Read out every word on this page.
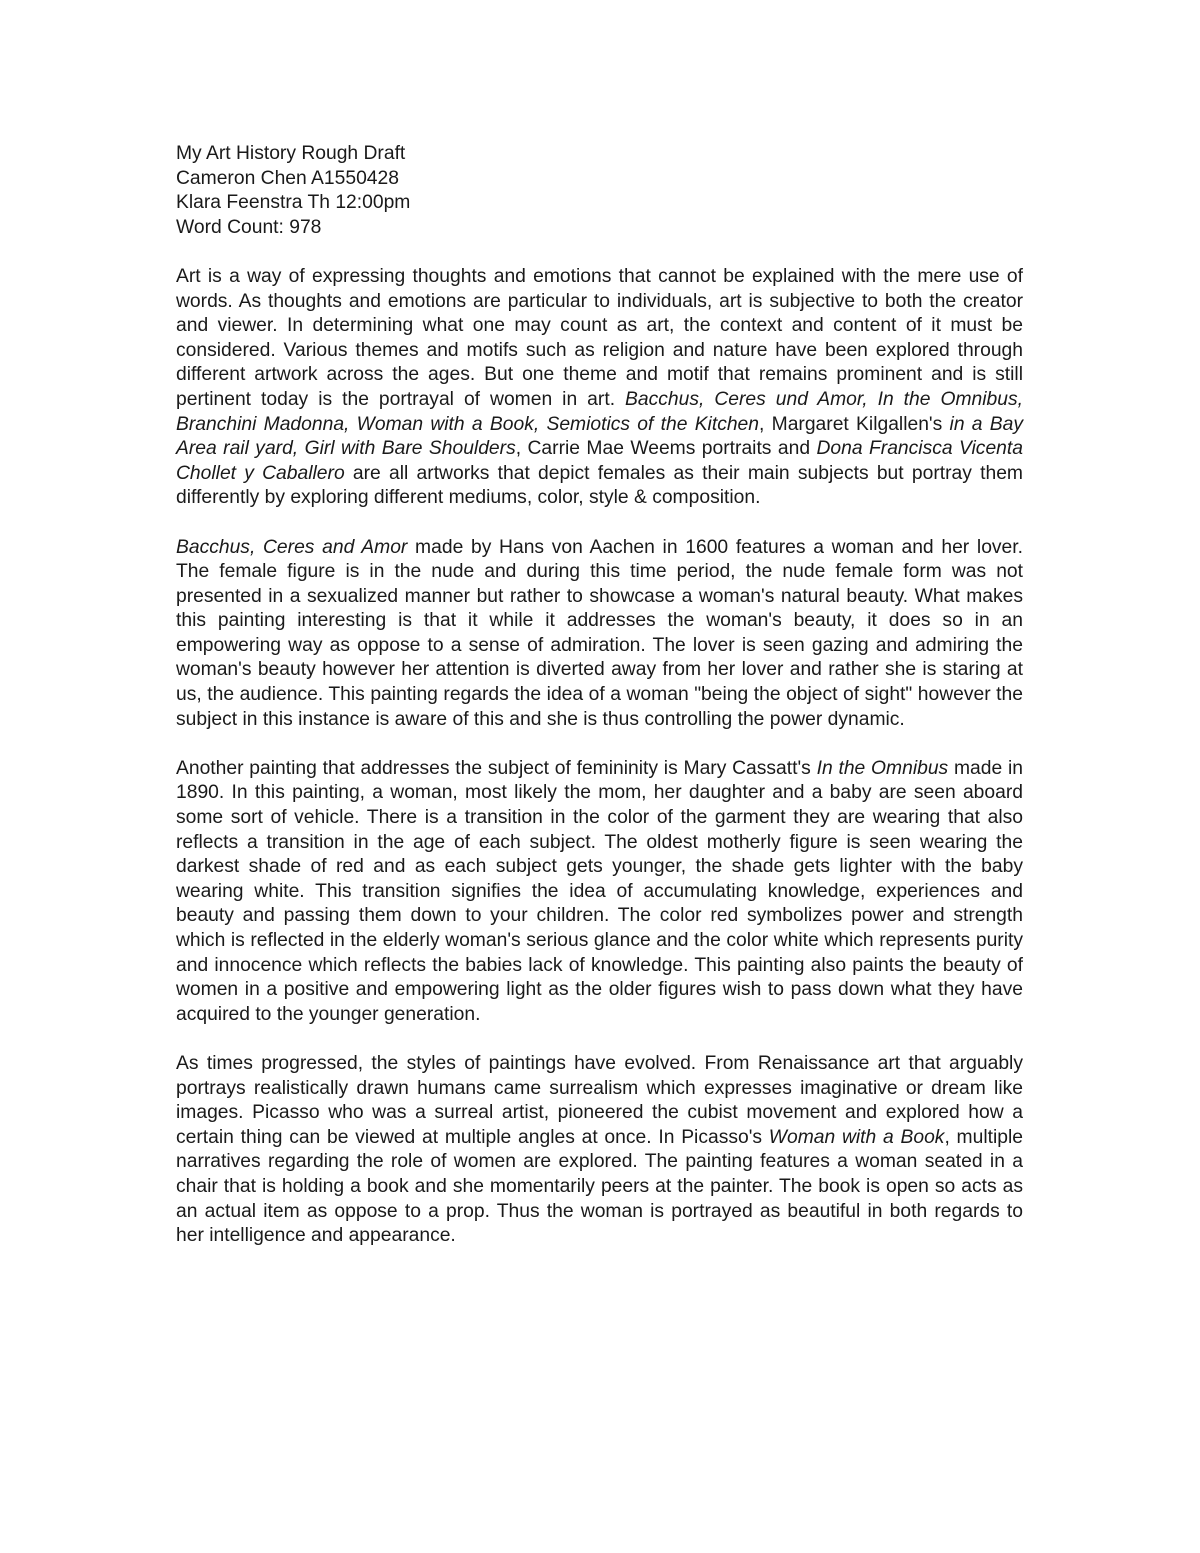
My Art History Rough Draft

Cameron Chen A1550428

Klara Feenstra Th 12:00pm

Word Count: 978

Art is a way of expressing thoughts and emotions that cannot be explained with the mere use of words. As thoughts and emotions are particular to individuals, art is subjective to both the creator and viewer. In determining what one may count as art, the context and content of it must be considered. Various themes and motifs such as religion and nature have been explored through different artwork across the ages. But one theme and motif that remains prominent and is still pertinent today is the portrayal of women in art. Bacchus, Ceres und Amor, In the Omnibus, Branchini Madonna, Woman with a Book, Semiotics of the Kitchen, Margaret Kilgallen's in a Bay Area rail yard, Girl with Bare Shoulders, Carrie Mae Weems portraits and Dona Francisca Vicenta Chollet y Caballero are all artworks that depict females as their main subjects but portray them differently by exploring different mediums, color, style & composition.

Bacchus, Ceres and Amor made by Hans von Aachen in 1600 features a woman and her lover. The female figure is in the nude and during this time period, the nude female form was not presented in a sexualized manner but rather to showcase a woman's natural beauty. What makes this painting interesting is that it while it addresses the woman's beauty, it does so in an empowering way as oppose to a sense of admiration. The lover is seen gazing and admiring the woman's beauty however her attention is diverted away from her lover and rather she is staring at us, the audience. This painting regards the idea of a woman "being the object of sight" however the subject in this instance is aware of this and she is thus controlling the power dynamic.

Another painting that addresses the subject of femininity is Mary Cassatt's In the Omnibus made in 1890. In this painting, a woman, most likely the mom, her daughter and a baby are seen aboard some sort of vehicle. There is a transition in the color of the garment they are wearing that also reflects a transition in the age of each subject. The oldest motherly figure is seen wearing the darkest shade of red and as each subject gets younger, the shade gets lighter with the baby wearing white. This transition signifies the idea of accumulating knowledge, experiences and beauty and passing them down to your children. The color red symbolizes power and strength which is reflected in the elderly woman's serious glance and the color white which represents purity and innocence which reflects the babies lack of knowledge. This painting also paints the beauty of women in a positive and empowering light as the older figures wish to pass down what they have acquired to the younger generation.

As times progressed, the styles of paintings have evolved. From Renaissance art that arguably portrays realistically drawn humans came surrealism which expresses imaginative or dream like images. Picasso who was a surreal artist, pioneered the cubist movement and explored how a certain thing can be viewed at multiple angles at once. In Picasso's Woman with a Book, multiple narratives regarding the role of women are explored. The painting features a woman seated in a chair that is holding a book and she momentarily peers at the painter. The book is open so acts as an actual item as oppose to a prop. Thus the woman is portrayed as beautiful in both regards to her intelligence and appearance.
